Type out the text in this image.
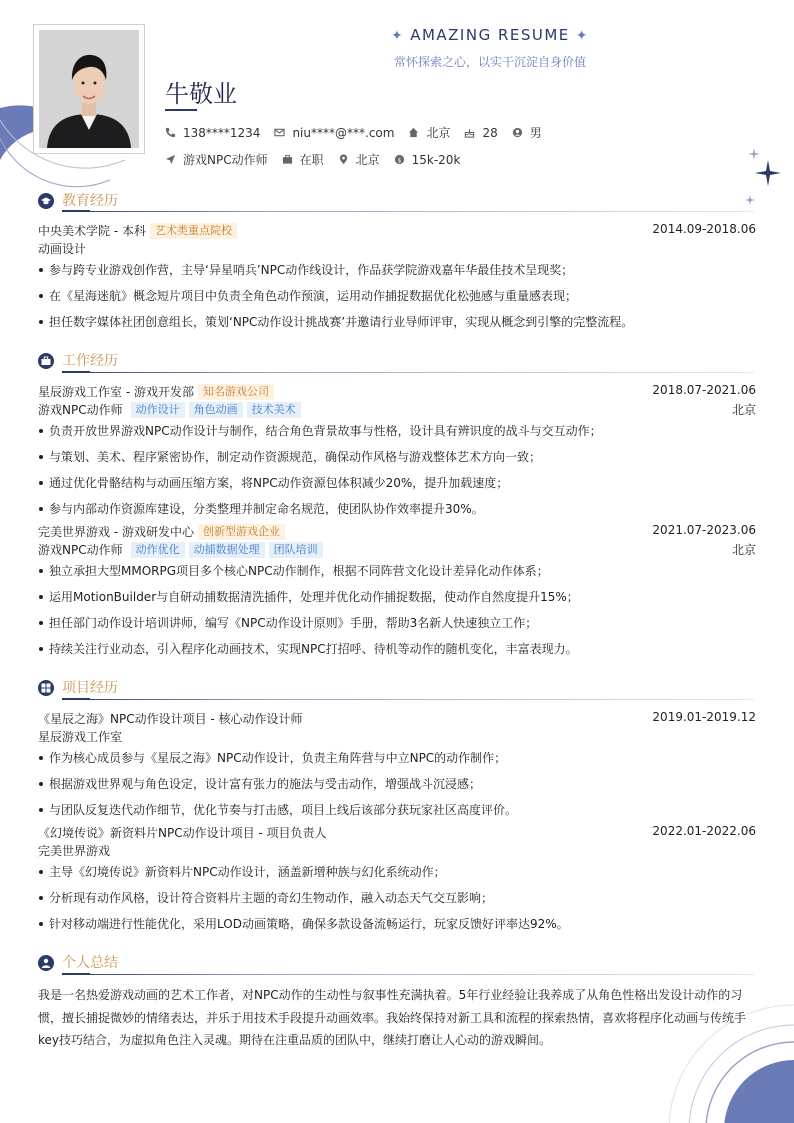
✦ AMAZING RESUME ✦
常怀探索之心，以实干沉淀自身价值
牛敬业
138****1234	niu****@***.com	北京	28	男
游戏NPC动作师	在职	北京 $ 15k-20k
教育经历
中央美术学院 - 本科 艺术类重点院校	2014.09-2018.06
动画设计
参与跨专业游戏创作营，主导‘异星哨兵’NPC动作线设计，作品获学院游戏嘉年华最佳技术呈现奖；
在《星海迷航》概念短片项目中负责全角色动作预演，运用动作捕捉数据优化松弛感与重量感表现；
担任数字媒体社团创意组长，策划‘NPC动作设计挑战赛’并邀请行业导师评审，实现从概念到引擎的完整流程。
工作经历
星辰游戏工作室 - 游戏开发部 知名游戏公司	2018.07-2021.06
游戏NPC动作师 动作设计 角色动画 技术美术	北京
负责开放世界游戏NPC动作设计与制作，结合角色背景故事与性格，设计具有辨识度的战斗与交互动作；
与策划、美术、程序紧密协作，制定动作资源规范，确保动作风格与游戏整体艺术方向一致；
通过优化骨骼结构与动画压缩方案，将NPC动作资源包体积减少20%，提升加载速度；
参与内部动作资源库建设，分类整理并制定命名规范，使团队协作效率提升30%。
完美世界游戏 - 游戏研发中心 创新型游戏企业	2021.07-2023.06
游戏NPC动作师 动作优化 动捕数据处理 团队培训	北京
独立承担大型MMORPG项目多个核心NPC动作制作，根据不同阵营文化设计差异化动作体系；
运用MotionBuilder与自研动捕数据清洗插件，处理并优化动作捕捉数据，使动作自然度提升15%；
担任部门动作设计培训讲师，编写《NPC动作设计原则》手册，帮助3名新人快速独立工作；
持续关注行业动态，引入程序化动画技术，实现NPC打招呼、待机等动作的随机变化，丰富表现力。
项目经历
《星辰之海》NPC动作设计项目 - 核心动作设计师	2019.01-2019.12
星辰游戏工作室
作为核心成员参与《星辰之海》NPC动作设计，负责主角阵营与中立NPC的动作制作；
根据游戏世界观与角色设定，设计富有张力的施法与受击动作，增强战斗沉浸感；
与团队反复迭代动作细节，优化节奏与打击感，项目上线后该部分获玩家社区高度评价。
《幻境传说》新资料片NPC动作设计项目 - 项目负责人	2022.01-2022.06
完美世界游戏
主导《幻境传说》新资料片NPC动作设计，涵盖新增种族与幻化系统动作；
分析现有动作风格，设计符合资料片主题的奇幻生物动作，融入动态天气交互影响；
针对移动端进行性能优化，采用LOD动画策略，确保多款设备流畅运行，玩家反馈好评率达92%。
个人总结
我是一名热爱游戏动画的艺术工作者，对NPC动作的生动性与叙事性充满执着。5年行业经验让我养成了从角色性格出发设计动作的习
惯，擅长捕捉微妙的情绪表达，并乐于用技术手段提升动画效率。我始终保持对新工具和流程的探索热情，喜欢将程序化动画与传统手
key技巧结合，为虚拟角色注入灵魂。期待在注重品质的团队中，继续打磨让人心动的游戏瞬间。
